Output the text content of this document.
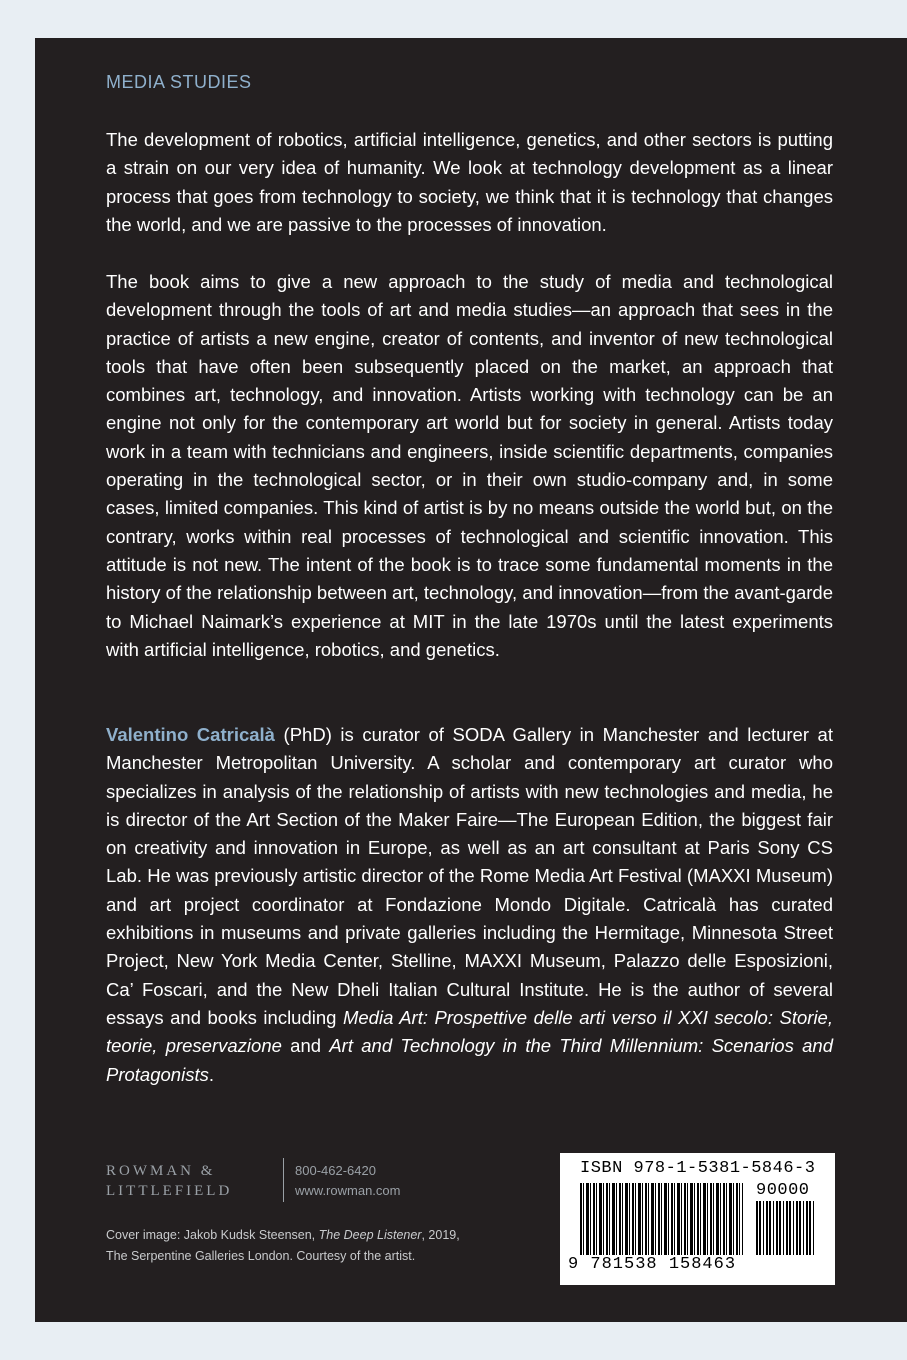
MEDIA STUDIES

The development of robotics, artificial intelligence, genetics, and other sectors is putting a strain on our very idea of humanity. We look at technology development as a linear process that goes from technology to society, we think that it is technology that changes the world, and we are passive to the processes of innovation.

The book aims to give a new approach to the study of media and technological development through the tools of art and media studies—an approach that sees in the practice of artists a new engine, creator of contents, and inventor of new technological tools that have often been subsequently placed on the market, an approach that combines art, technology, and innovation. Artists working with technology can be an engine not only for the contemporary art world but for society in general. Artists today work in a team with technicians and engineers, inside scientific departments, companies operating in the technological sector, or in their own studio-company and, in some cases, limited companies. This kind of artist is by no means outside the world but, on the contrary, works within real processes of technological and scientific innovation. This attitude is not new. The intent of the book is to trace some fundamental moments in the history of the relationship between art, technology, and innovation—from the avant-garde to Michael Naimark’s experience at MIT in the late 1970s until the latest experiments with artificial intelligence, robotics, and genetics.

Valentino Catricalà (PhD) is curator of SODA Gallery in Manchester and lecturer at Manchester Metropolitan University. A scholar and contemporary art curator who specializes in analysis of the relationship of artists with new technologies and media, he is director of the Art Section of the Maker Faire—The European Edition, the biggest fair on creativity and innovation in Europe, as well as an art consultant at Paris Sony CS Lab. He was previously artistic director of the Rome Media Art Festival (MAXXI Museum) and art project coordinator at Fondazione Mondo Digitale. Catricalà has curated exhibitions in museums and private galleries including the Hermitage, Minnesota Street Project, New York Media Center, Stelline, MAXXI Museum, Palazzo delle Esposizioni, Ca’ Foscari, and the New Dheli Italian Cultural Institute. He is the author of several essays and books including Media Art: Prospettive delle arti verso il XXI secolo: Storie, teorie, preservazione and Art and Technology in the Third Millennium: Scenarios and Protagonists.

ROWMAN &
LITTLEFIELD
800-462-6420
www.rowman.com
Cover image: Jakob Kudsk Steensen, The Deep Listener, 2019,
The Serpentine Galleries London. Courtesy of the artist.
ISBN 978-1-5381-5846-3
90000
9 781538 158463
